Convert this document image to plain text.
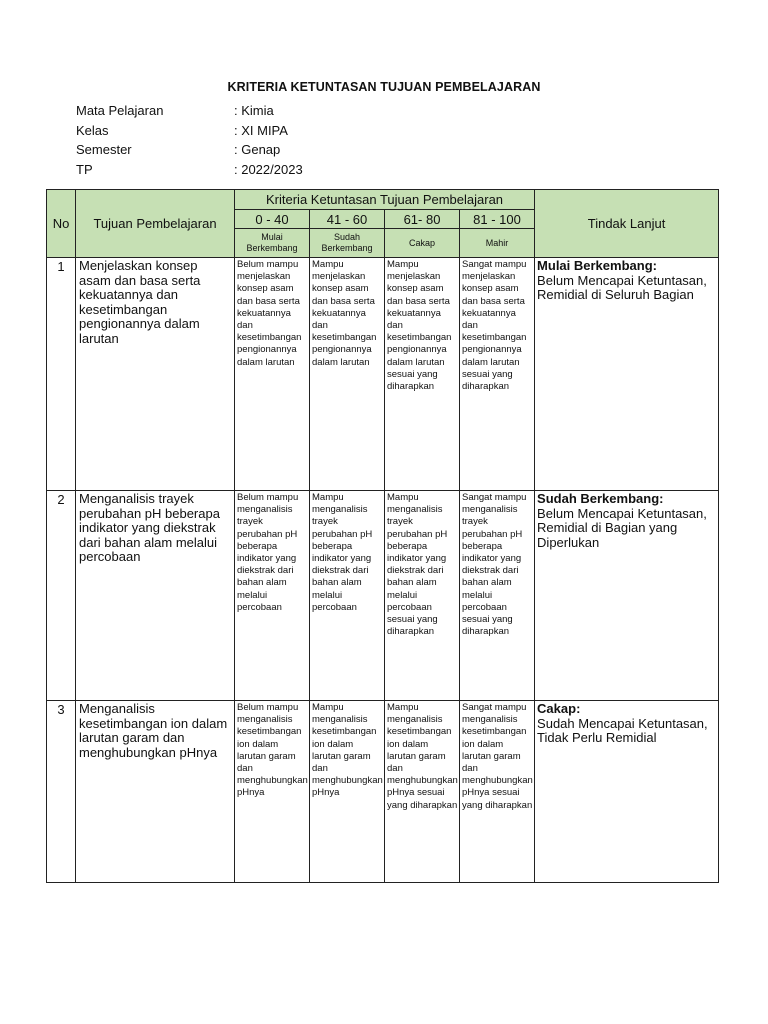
KRITERIA KETUNTASAN TUJUAN PEMBELAJARAN
Mata Pelajaran	: Kimia
Kelas	: XI MIPA
Semester	: Genap
TP	: 2022/2023
No	Tujuan Pembelajaran	Kriteria Ketuntasan Tujuan Pembelajaran				Tindak Lanjut
		0 - 40	41 - 60	61- 80	81 - 100	
		Mulai Berkembang	Sudah Berkembang	Cakap	Mahir	
1	Menjelaskan konsep asam dan basa serta kekuatannya dan kesetimbangan pengionannya dalam larutan	Belum mampu menjelaskan konsep asam dan basa serta kekuatannya dan kesetimbangan pengionannya dalam larutan	Mampu menjelaskan konsep asam dan basa serta kekuatannya dan kesetimbangan pengionannya dalam larutan	Mampu menjelaskan konsep asam dan basa serta kekuatannya dan kesetimbangan pengionannya dalam larutan sesuai yang diharapkan	Sangat mampu menjelaskan konsep asam dan basa serta kekuatannya dan kesetimbangan pengionannya dalam larutan sesuai yang diharapkan	Mulai Berkembang:
Belum Mencapai Ketuntasan, Remidial di Seluruh Bagian

2	Menganalisis trayek perubahan pH beberapa indikator yang diekstrak dari bahan alam melalui percobaan	Belum mampu menganalisis trayek perubahan pH beberapa indikator yang diekstrak dari bahan alam melalui percobaan	Mampu menganalisis trayek perubahan pH beberapa indikator yang diekstrak dari bahan alam melalui percobaan	Mampu menganalisis trayek perubahan pH beberapa indikator yang diekstrak dari bahan alam melalui percobaan sesuai yang diharapkan	Sangat mampu menganalisis trayek perubahan pH beberapa indikator yang diekstrak dari bahan alam melalui percobaan sesuai yang diharapkan	Sudah Berkembang:
Belum Mencapai Ketuntasan, Remidial di Bagian yang Diperlukan

3	Menganalisis kesetimbangan ion dalam larutan garam dan menghubungkan pHnya	Belum mampu menganalisis kesetimbangan ion dalam larutan garam dan menghubungkan pHnya	Mampu menganalisis kesetimbangan ion dalam larutan garam dan menghubungkan pHnya	Mampu menganalisis kesetimbangan ion dalam larutan garam dan menghubungkan pHnya sesuai yang diharapkan	Sangat mampu menganalisis kesetimbangan ion dalam larutan garam dan menghubungkan pHnya sesuai yang diharapkan	Cakap:
Sudah Mencapai Ketuntasan, Tidak Perlu Remidial
